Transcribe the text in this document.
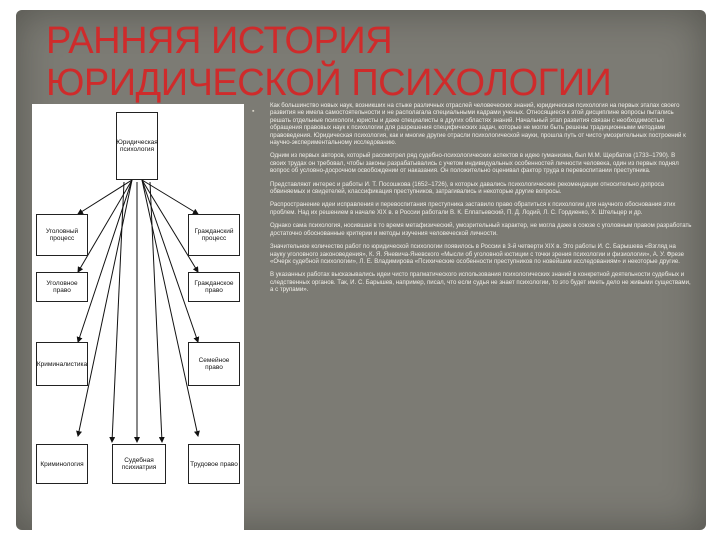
РАННЯЯ ИСТОРИЯ
ЮРИДИЧЕСКОЙ ПСИХОЛОГИИ
Юридическая психология
Уголовный процесс
Уголовное право
Криминалистика
Криминология
Гражданский процесс
Гражданское право
Семейное право
Трудовое право
Судебная психиатрия
▪

Как большинство новых наук, возникших на стыке различных отраслей человеческих знаний, юридическая психология на первых этапах своего развития не имела самостоятельности и не располагала специальными кадрами ученых. Относящиеся к этой дисциплине вопросы пытались решать отдельные психологи, юристы и даже специалисты в других областях знаний. Начальный этап развития связан с необходимостью обращения правовых наук к психологии для разрешения специфических задач, которые не могли быть решены традиционными методами правоведения. Юридическая психология, как и многие другие отрасли психологической науки, прошла путь от чисто умозрительных построений к научно-экспериментальному исследованию.

Одним из первых авторов, который рассмотрел ряд судебно-психологических аспектов в идею гуманизма, был М.М. Щербатов (1733–1790). В своих трудах он требовал, чтобы законы разрабатывались с учетом индивидуальных особенностей личности человека, один из первых поднял вопрос об условно-досрочном освобождении от наказания. Он положительно оценивал фактор труда в перевоспитании преступника.

Представляют интерес и работы И. Т. Посошкова (1652–1726), в которых давались психологические рекомендации относительно допроса обвиняемых и свидетелей, классификация преступников, затрагивались и некоторые другие вопросы.

Распространение идеи исправления и перевоспитания преступника заставило право обратиться к психологии для научного обоснования этих проблем. Над их решением в начале XIX в. в России работали В. К. Елпатьевский, П. Д. Лодий, Л. С. Гордиенко, Х. Штельцер и др.

Однако сама психология, носившая в то время метафизический, умозрительный характер, не могла даже в союзе с уголовным правом разработать достаточно обоснованные критерии и методы изучения человеческой личности.

Значительное количество работ по юридической психологии появилось в России в 3-й четверти XIX в. Это работы И. С. Барышева «Взгляд на науку уголовного законоведения», К. Я. Яневича-Яневского «Мысли об уголовной юстиции с точки зрения психологии и физиологии», А. У. Фрезе «Очерк судебной психологии», Л. Е. Владимирова «Психические особенности преступников по новейшим исследованиям» и некоторые другие.

В указанных работах высказывались идеи чисто прагматического использования психологических знаний в конкретной деятельности судебных и следственных органов. Так, И. С. Барышев, например, писал, что если судья не знает психологии, то это будет иметь дело не живыми существами, а с трупами».
